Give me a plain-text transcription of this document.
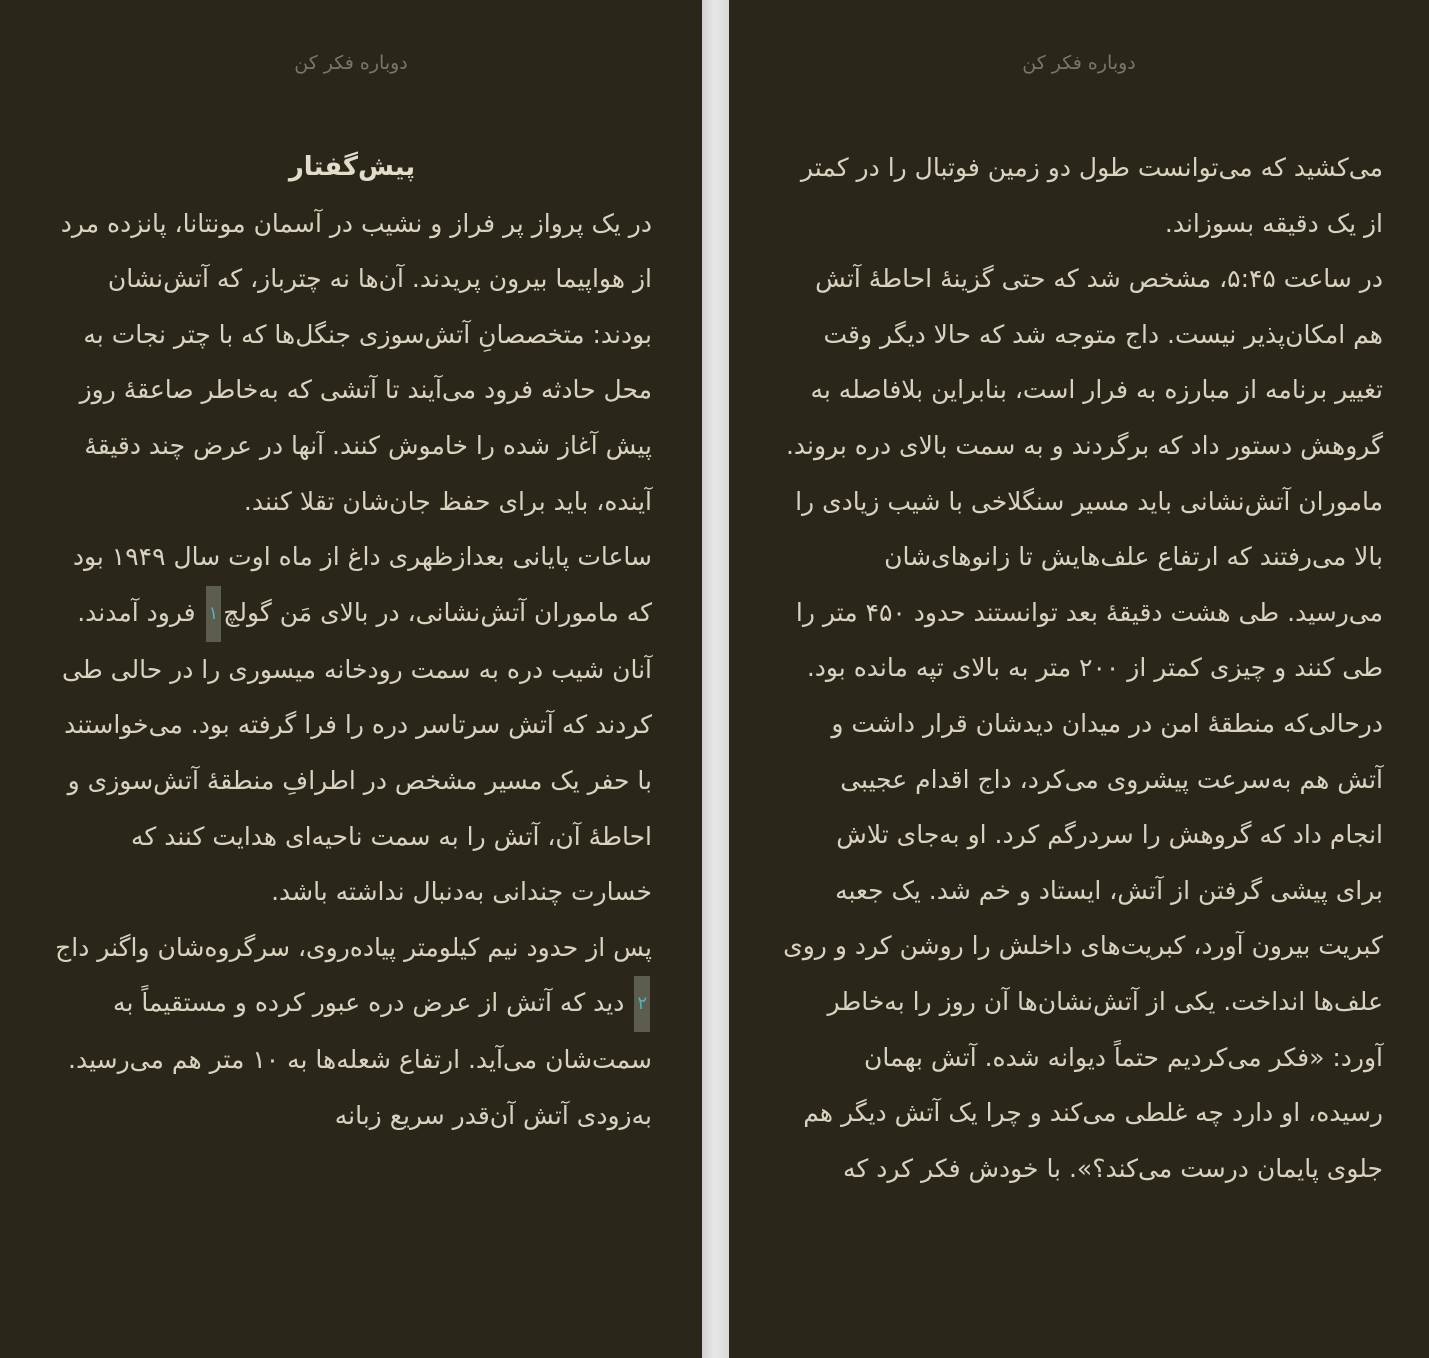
دوباره فکر کن
پیش‌گفتار

در یک پرواز پر فراز و نشیب در آسمان مونتانا، پانزده مرد از هواپیما بیرون پریدند. آن‌ها نه چترباز، که آتش‌نشان بودند: متخصصانِ آتش‌سوزی جنگل‌ها که با چتر نجات به محل حادثه فرود می‌آیند تا آتشی که به‌خاطر صاعقهٔ روز پیش آغاز شده را خاموش کنند. آنها در عرض چند دقیقهٔ آینده، باید برای حفظ جان‌شان تقلا کنند.

ساعات پایانی بعدازظهری داغ از ماه اوت سال ۱۹۴۹ بود که ماموران آتش‌نشانی، در بالای مَن گولچ۱ فرود آمدند. آنان شیب دره به سمت رودخانه میسوری را در حالی طی کردند که آتش سرتاسر دره را فرا گرفته بود. می‌خواستند با حفر یک مسیر مشخص در اطرافِ منطقهٔ آتش‌سوزی و احاطهٔ آن، آتش را به سمت ناحیه‌ای هدایت کنند که خسارت چندانی به‌دنبال نداشته باشد.

پس از حدود نیم کیلومتر پیاده‌روی، سرگروه‌شان واگنر داج۲ دید که آتش از عرض دره عبور کرده و مستقیماً به سمت‌شان می‌آید. ارتفاع شعله‌ها به ۱۰ متر هم می‌رسید. به‌زودی آتش آن‌قدر سریع زبانه

دوباره فکر کن

می‌کشید که می‌توانست طول دو زمین فوتبال را در کمتر از یک دقیقه بسوزاند.

در ساعت ۵:۴۵، مشخص شد که حتی گزینهٔ احاطهٔ آتش هم امکان‌پذیر نیست. داج متوجه شد که حالا دیگر وقت تغییر برنامه از مبارزه به فرار است، بنابراین بلافاصله به گروهش دستور داد که برگردند و به سمت بالای دره بروند. ماموران آتش‌نشانی باید مسیر سنگلاخی با شیب زیادی را بالا می‌رفتند که ارتفاع علف‌هایش تا زانوهای‌شان می‌رسید. طی هشت دقیقهٔ بعد توانستند حدود ۴۵۰ متر را طی کنند و چیزی کمتر از ۲۰۰ متر به بالای تپه مانده بود.

درحالی‌که منطقهٔ امن در میدان دیدشان قرار داشت و آتش هم به‌سرعت پیشروی می‌کرد، داج اقدام عجیبی انجام داد که گروهش را سردرگم کرد. او به‌جای تلاش برای پیشی گرفتن از آتش، ایستاد و خم شد. یک جعبه کبریت بیرون آورد، کبریت‌های داخلش را روشن کرد و روی علف‌ها انداخت. یکی از آتش‌نشان‌ها آن روز را به‌خاطر آورد: «فکر می‌کردیم حتماً دیوانه شده. آتش بهمان رسیده، او دارد چه غلطی می‌کند و چرا یک آتش دیگر هم جلوی پایمان درست می‌کند؟». با خودش فکر کرد که
